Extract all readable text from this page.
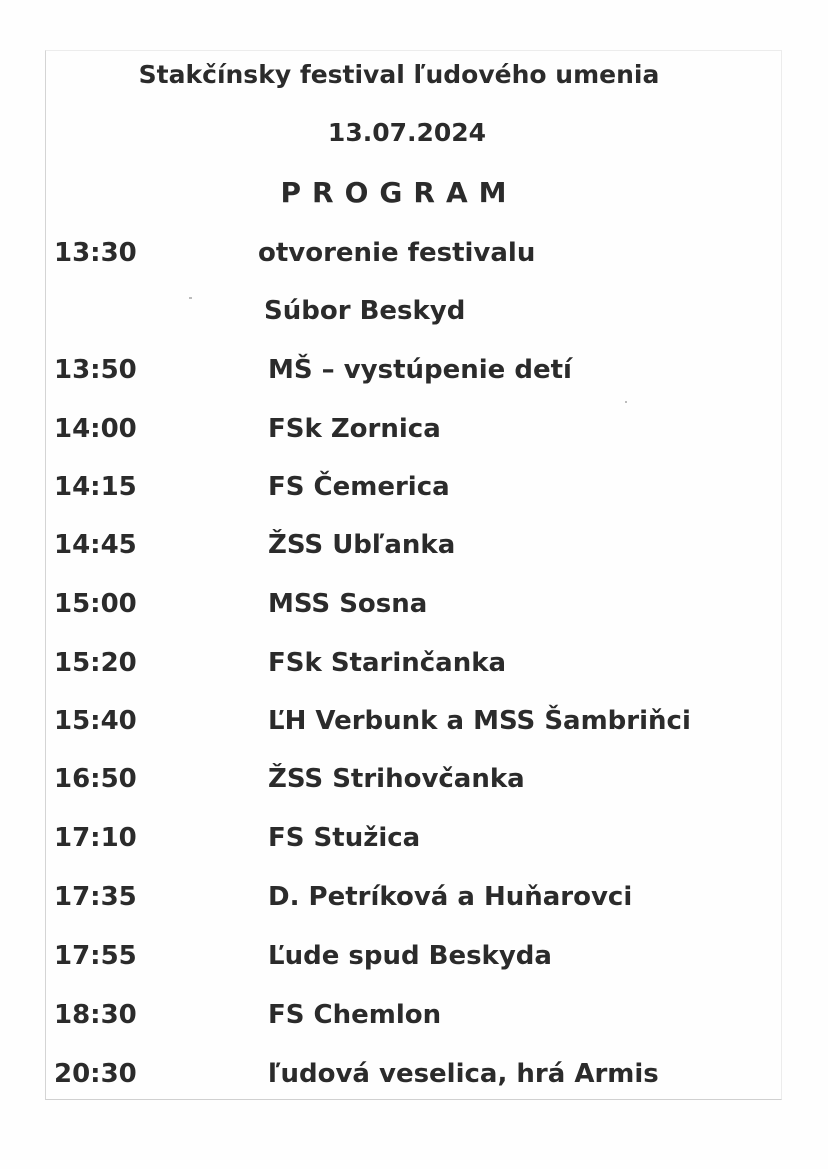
Stakčínsky festival ľudového umenia
13.07.2024
PROGRAM
13:30	otvorenie festivalu
Súbor Beskyd
13:50	MŠ – vystúpenie detí
14:00	FSk Zornica
14:15	FS Čemerica
14:45	ŽSS Ubľanka
15:00	MSS Sosna
15:20	FSk Starinčanka
15:40	ĽH Verbunk a MSS Šambriňci
16:50	ŽSS Strihovčanka
17:10	FS Stužica
17:35	D. Petríková a Huňarovci
17:55	Ľude spud Beskyda
18:30	FS Chemlon
20:30	ľudová veselica, hrá Armis
